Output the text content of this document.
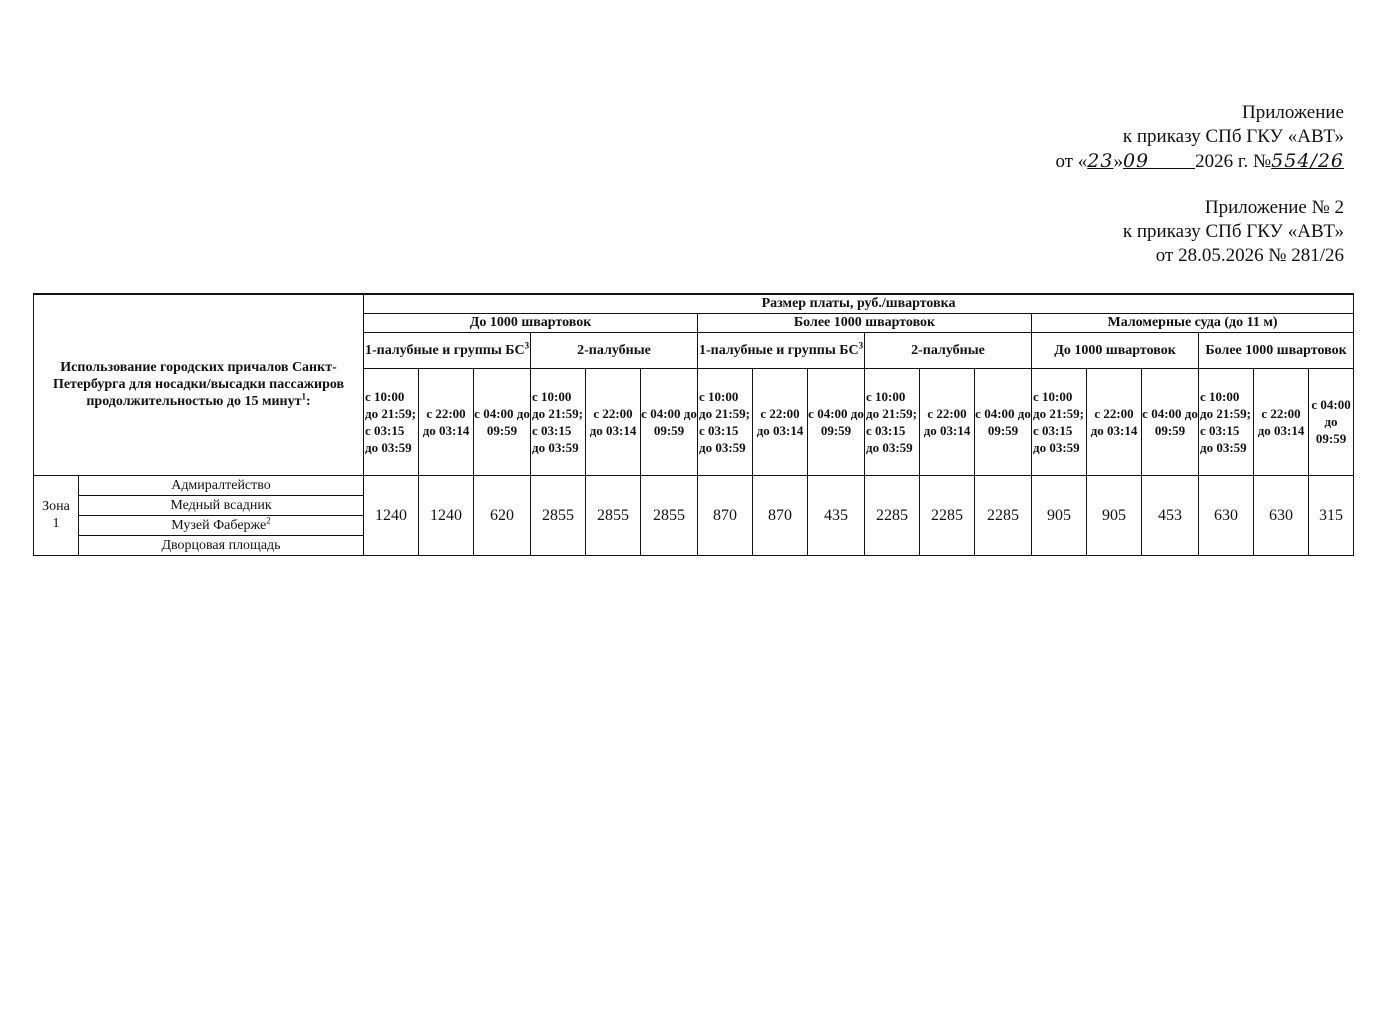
Приложение
к приказу СПб ГКУ «АВТ»
от «23»09 2026 г. №554/26
Приложение № 2
к приказу СПб ГКУ «АВТ»
от 28.05.2026 № 281/26
Использование городских причалов Санкт-Петербурга для носадки/высадки пассажиров продолжительностью до 15 минут$^1$:		Размер платы, руб./швартовка																	
		До 1000 швартовок						Более 1000 швартовок						Маломерные суда (до 11 м)					
		1-палубные и группы $БС^3$			2-палубные			1-палубные и группы $БС^3$			2-палубные			До 1000 швартовок			Более 1000 швартовок		
		с 10:00 до 21:59; с 03:15 до 03:59	с 22:00 до 03:14	с 04:00 до 09:59	с 10:00 до 21:59; с 03:15 до 03:59	с 22:00 до 03:14	с 04:00 до 09:59	с 10:00 до 21:59; с 03:15 до 03:59	с 22:00 до 03:14	с 04:00 до 09:59	с 10:00 до 21:59; с 03:15 до 03:59	с 22:00 до 03:14	с 04:00 до 09:59	с 10:00 до 21:59; с 03:15 до 03:59	с 22:00 до 03:14	с 04:00 до 09:59	с 10:00 до 21:59; с 03:15 до 03:59	с 22:00 до 03:14	с 04:00 до 09:59
Зона 1	Адмиралтейство	1240	1240	620	2855	2855	2855	870	870	435	2285	2285	2285	905	905	453	630	630	315
	Медный всадник																		
	Музей Фаберже$^2$
	Дворцовая площадь																		
